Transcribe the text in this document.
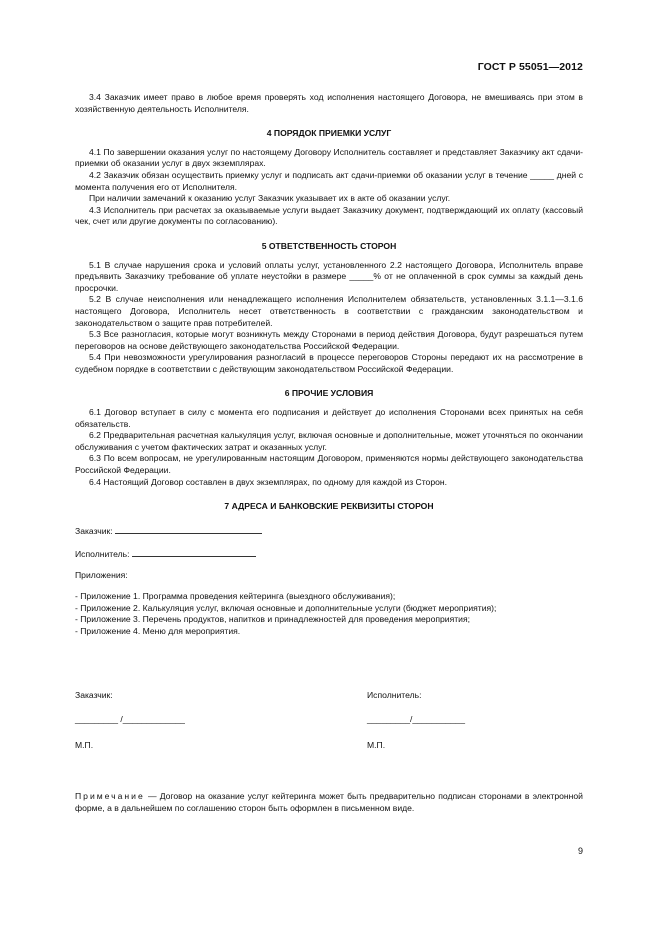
ГОСТ Р 55051—2012

3.4 Заказчик имеет право в любое время проверять ход исполнения настоящего Договора, не вмешиваясь при этом в хозяйственную деятельность Исполнителя.

4 ПОРЯДОК ПРИЕМКИ УСЛУГ

4.1 По завершении оказания услуг по настоящему Договору Исполнитель составляет и представляет Заказчику акт сдачи-приемки об оказании услуг в двух экземплярах.

4.2 Заказчик обязан осуществить приемку услуг и подписать акт сдачи-приемки об оказании услуг в течение _____ дней с момента получения его от Исполнителя.

При наличии замечаний к оказанию услуг Заказчик указывает их в акте об оказании услуг.

4.3 Исполнитель при расчетах за оказываемые услуги выдает Заказчику документ, подтверждающий их оплату (кассовый чек, счет или другие документы по согласованию).

5 ОТВЕТСТВЕННОСТЬ СТОРОН

5.1 В случае нарушения срока и условий оплаты услуг, установленного 2.2 настоящего Договора, Исполнитель вправе предъявить Заказчику требование об уплате неустойки в размере _____% от не оплаченной в срок суммы за каждый день просрочки.

5.2 В случае неисполнения или ненадлежащего исполнения Исполнителем обязательств, установленных 3.1.1—3.1.6 настоящего Договора, Исполнитель несет ответственность в соответствии с гражданским законодательством и законодательством о защите прав потребителей.

5.3 Все разногласия, которые могут возникнуть между Сторонами в период действия Договора, будут разрешаться путем переговоров на основе действующего законодательства Российской Федерации.

5.4 При невозможности урегулирования разногласий в процессе переговоров Стороны передают их на рассмотрение в судебном порядке в соответствии с действующим законодательством Российской Федерации.

6 ПРОЧИЕ УСЛОВИЯ

6.1 Договор вступает в силу с момента его подписания и действует до исполнения Сторонами всех принятых на себя обязательств.

6.2 Предварительная расчетная калькуляция услуг, включая основные и дополнительные, может уточняться по окончании обслуживания с учетом фактических затрат и оказанных услуг.

6.3 По всем вопросам, не урегулированным настоящим Договором, применяются нормы действующего законодательства Российской Федерации.

6.4 Настоящий Договор составлен в двух экземплярах, по одному для каждой из Сторон.

7 АДРЕСА И БАНКОВСКИЕ РЕКВИЗИТЫ СТОРОН
Заказчик:
Исполнитель:
Приложения:
- Приложение 1. Программа проведения кейтеринга (выездного обслуживания);
- Приложение 2. Калькуляция услуг, включая основные и дополнительные услуги (бюджет мероприятия);
- Приложение 3. Перечень продуктов, напитков и принадлежностей для проведения мероприятия;
- Приложение 4. Меню для мероприятия.
Заказчик:	Исполнитель:
_________ /_____________	_________/___________
М.П.	М.П.

Примечание — Договор на оказание услуг кейтеринга может быть предварительно подписан сторонами в электронной форме, а в дальнейшем по соглашению сторон быть оформлен в письменном виде.

9
